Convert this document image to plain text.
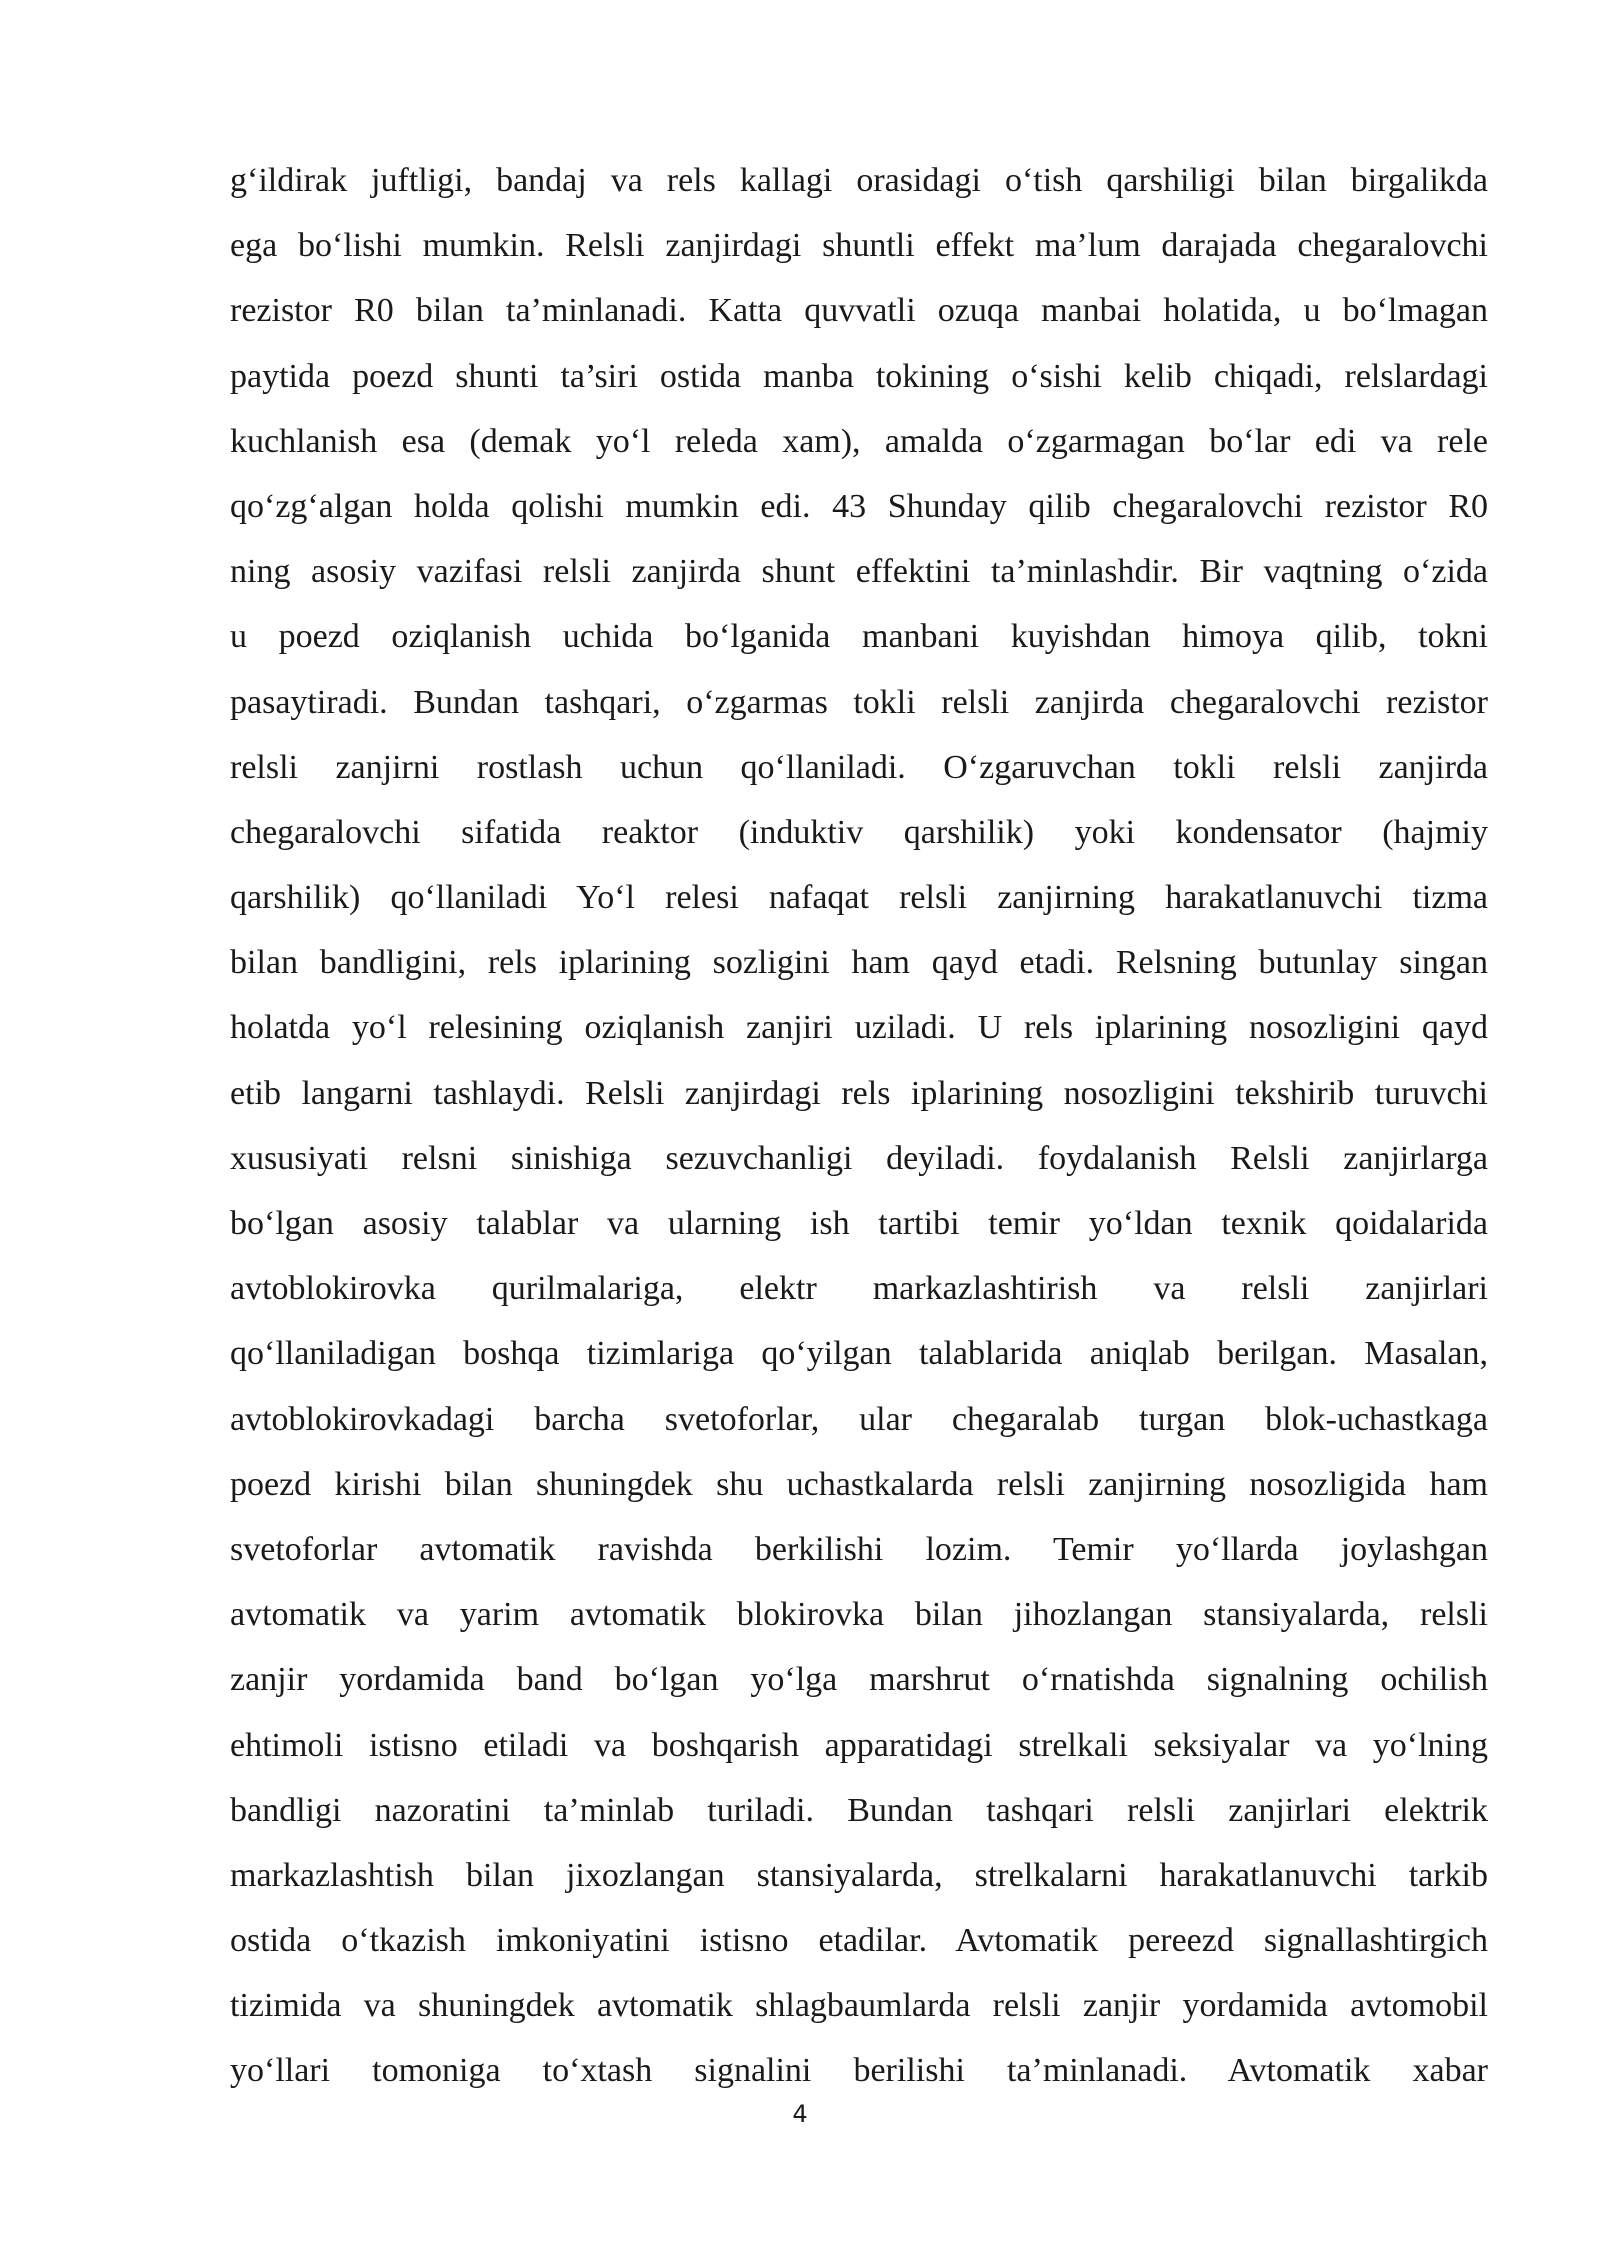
g‘ildirak juftligi, bandaj va rels kallagi orasidagi o‘tish qarshiligi bilan birgalikda
ega bo‘lishi mumkin. Relsli zanjirdagi shuntli effekt ma’lum darajada chegaralovchi
rezistor R0 bilan ta’minlanadi. Katta quvvatli ozuqa manbai holatida, u bo‘lmagan
paytida poezd shunti ta’siri ostida manba tokining o‘sishi kelib chiqadi, relslardagi
kuchlanish esa (demak yo‘l releda xam), amalda o‘zgarmagan bo‘lar edi va rele
qo‘zg‘algan holda qolishi mumkin edi. 43 Shunday qilib chegaralovchi rezistor R0
ning asosiy vazifasi relsli zanjirda shunt effektini ta’minlashdir. Bir vaqtning o‘zida
u poezd oziqlanish uchida bo‘lganida manbani kuyishdan himoya qilib, tokni
pasaytiradi. Bundan tashqari, o‘zgarmas tokli relsli zanjirda chegaralovchi rezistor
relsli zanjirni rostlash uchun qo‘llaniladi. O‘zgaruvchan tokli relsli zanjirda
chegaralovchi sifatida reaktor (induktiv qarshilik) yoki kondensator (hajmiy
qarshilik) qo‘llaniladi Yo‘l relesi nafaqat relsli zanjirning harakatlanuvchi tizma
bilan bandligini, rels iplarining sozligini ham qayd etadi. Relsning butunlay singan
holatda yo‘l relesining oziqlanish zanjiri uziladi. U rels iplarining nosozligini qayd
etib langarni tashlaydi. Relsli zanjirdagi rels iplarining nosozligini tekshirib turuvchi
xususiyati relsni sinishiga sezuvchanligi deyiladi. foydalanish Relsli zanjirlarga
bo‘lgan asosiy talablar va ularning ish tartibi temir yo‘ldan texnik qoidalarida
avtoblokirovka qurilmalariga, elektr markazlashtirish va relsli zanjirlari
qo‘llaniladigan boshqa tizimlariga qo‘yilgan talablarida aniqlab berilgan. Masalan,
avtoblokirovkadagi barcha svetoforlar, ular chegaralab turgan blok-uchastkaga
poezd kirishi bilan shuningdek shu uchastkalarda relsli zanjirning nosozligida ham
svetoforlar avtomatik ravishda berkilishi lozim. Temir yo‘llarda joylashgan
avtomatik va yarim avtomatik blokirovka bilan jihozlangan stansiyalarda, relsli
zanjir yordamida band bo‘lgan yo‘lga marshrut o‘rnatishda signalning ochilish
ehtimoli istisno etiladi va boshqarish apparatidagi strelkali seksiyalar va yo‘lning
bandligi nazoratini ta’minlab turiladi. Bundan tashqari relsli zanjirlari elektrik
markazlashtish bilan jixozlangan stansiyalarda, strelkalarni harakatlanuvchi tarkib
ostida o‘tkazish imkoniyatini istisno etadilar. Avtomatik pereezd signallashtirgich
tizimida va shuningdek avtomatik shlagbaumlarda relsli zanjir yordamida avtomobil
yo‘llari tomoniga to‘xtash signalini berilishi ta’minlanadi. Avtomatik xabar
4
